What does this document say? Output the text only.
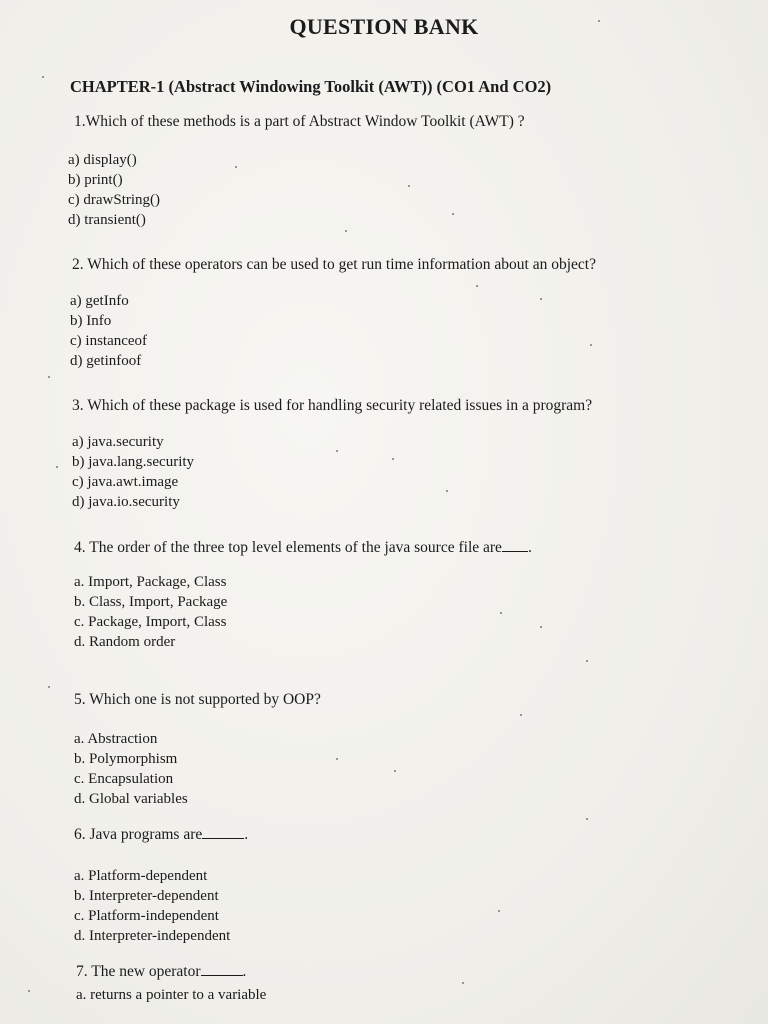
QUESTION BANK
CHAPTER-1 (Abstract Windowing Toolkit (AWT)) (CO1 And CO2)
1.Which of these methods is a part of Abstract Window Toolkit (AWT) ?
a) display()
b) print()
c) drawString()
d) transient()
2. Which of these operators can be used to get run time information about an object?
a) getInfo
b) Info
c) instanceof
d) getinfoof
3. Which of these package is used for handling security related issues in a program?
a) java.security
b) java.lang.security
c) java.awt.image
d) java.io.security
4. The order of the three top level elements of the java source file are .
a. Import, Package, Class
b. Class, Import, Package
c. Package, Import, Class
d. Random order
5. Which one is not supported by OOP?
a. Abstraction
b. Polymorphism
c. Encapsulation
d. Global variables
6. Java programs are	.
a. Platform-dependent
b. Interpreter-dependent
c. Platform-independent
d. Interpreter-independent
7. The new operator	.
a. returns a pointer to a variable
